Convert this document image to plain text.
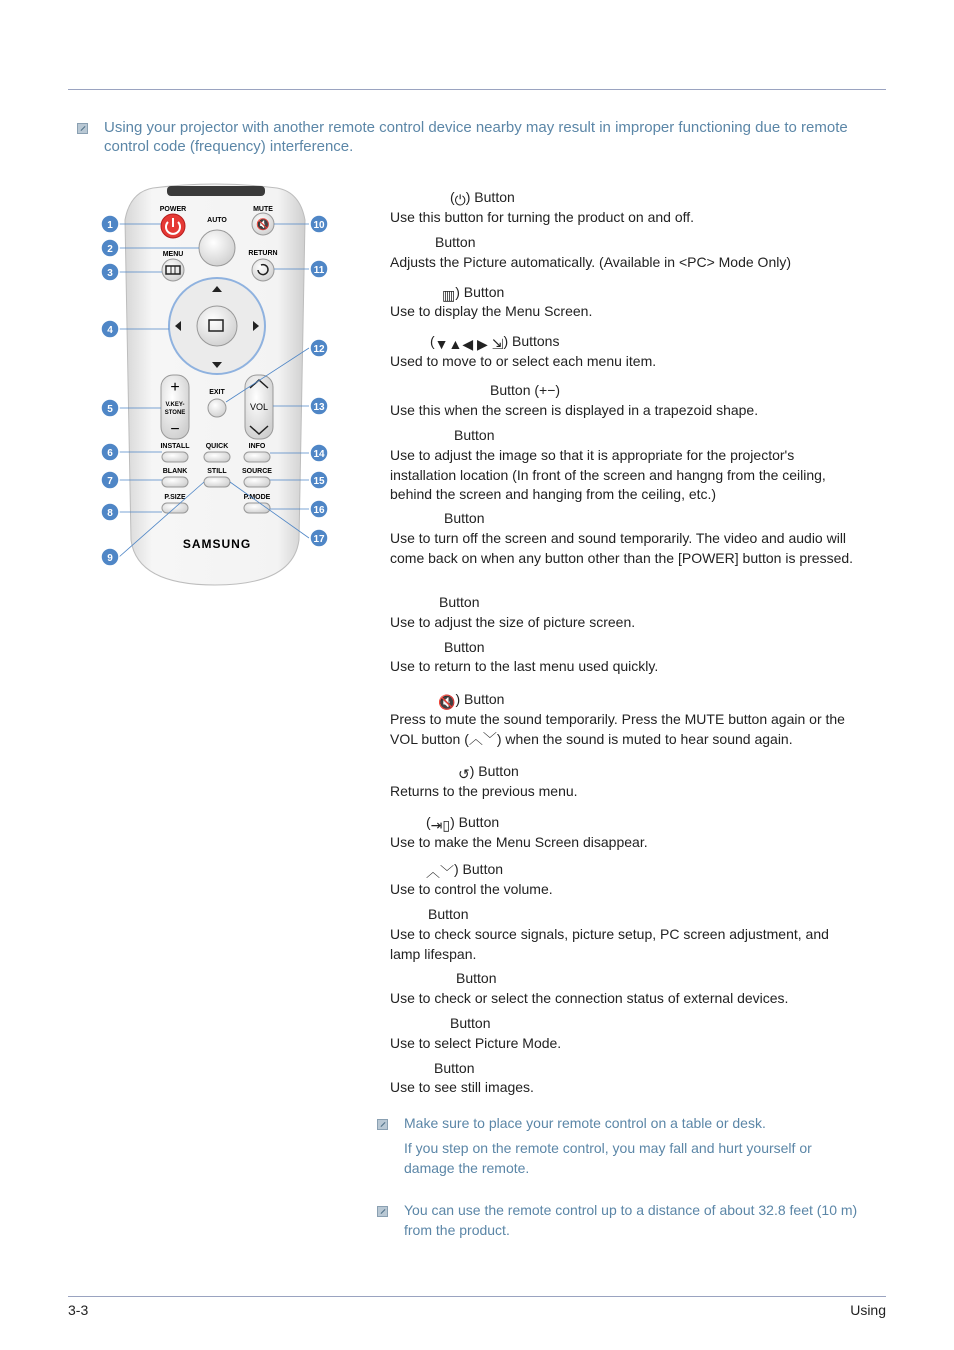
Using your projector with another remote control device nearby may result in improper functioning due to remote control code (frequency) interference.
POWER
AUTO	🔇
MUTE
MENU	RETURN
+
V.KEY-
STONE
−
EXIT
VOL
INSTALL QUICK	INFO
BLANK	STILL SOURCE
P.SIZE	P.MODE
SAMSUNG
1
2
3
4
5
6
7
8
9
10
11
12
13
14
15
16
17
(⏻) Button
Use this button for turning the product on and off.
Button
Adjusts the Picture automatically. (Available in <PC> Mode Only)
▥) Button
Use to display the Menu Screen.
(▼▲◀ ▶ ⇲) Buttons
Used to move to or select each menu item.
Button (+−)
Use this when the screen is displayed in a trapezoid shape.
Button
Use to adjust the image so that it is appropriate for the projector's installation location (In front of the screen and hangng from the ceiling, behind the screen and hanging from the ceiling, etc.)
Button
Use to turn off the screen and sound temporarily. The video and audio will come back on when any button other than the [POWER] button is pressed.
Button
Use to adjust the size of picture screen.
Button
Use to return to the last menu used quickly.
🔇) Button
Press to mute the sound temporarily. Press the MUTE button again or the VOL button (︿﹀) when the sound is muted to hear sound again.
↺) Button
Returns to the previous menu.
(⇥▯) Button
Use to make the Menu Screen disappear.
︿﹀) Button
Use to control the volume.
Button
Use to check source signals, picture setup, PC screen adjustment, and lamp lifespan.
Button
Use to check or select the connection status of external devices.
Button
Use to select Picture Mode.
Button
Use to see still images.
Make sure to place your remote control on a table or desk.
If you step on the remote control, you may fall and hurt yourself or damage the remote.
You can use the remote control up to a distance of about 32.8 feet (10 m) from the product.
3-3	Using
